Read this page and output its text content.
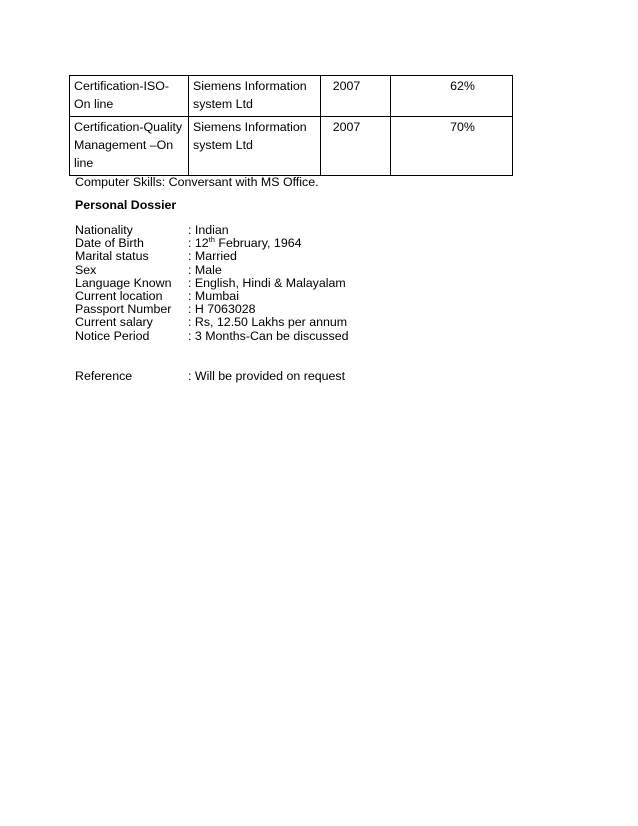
Certification-ISO-On line	Siemens Information system Ltd	2007	62%
Certification-Quality Management –On line	Siemens Information system Ltd	2007	70%
Computer Skills: Conversant with MS Office.
Personal Dossier
Nationality	: Indian
Date of Birth	: 12th February, 1964
Marital status	: Married
Sex	: Male
Language Known	: English, Hindi & Malayalam
Current location	: Mumbai
Passport Number	: H 7063028
Current salary	: Rs, 12.50 Lakhs per annum
Notice Period	: 3 Months-Can be discussed
Reference	: Will be provided on request
